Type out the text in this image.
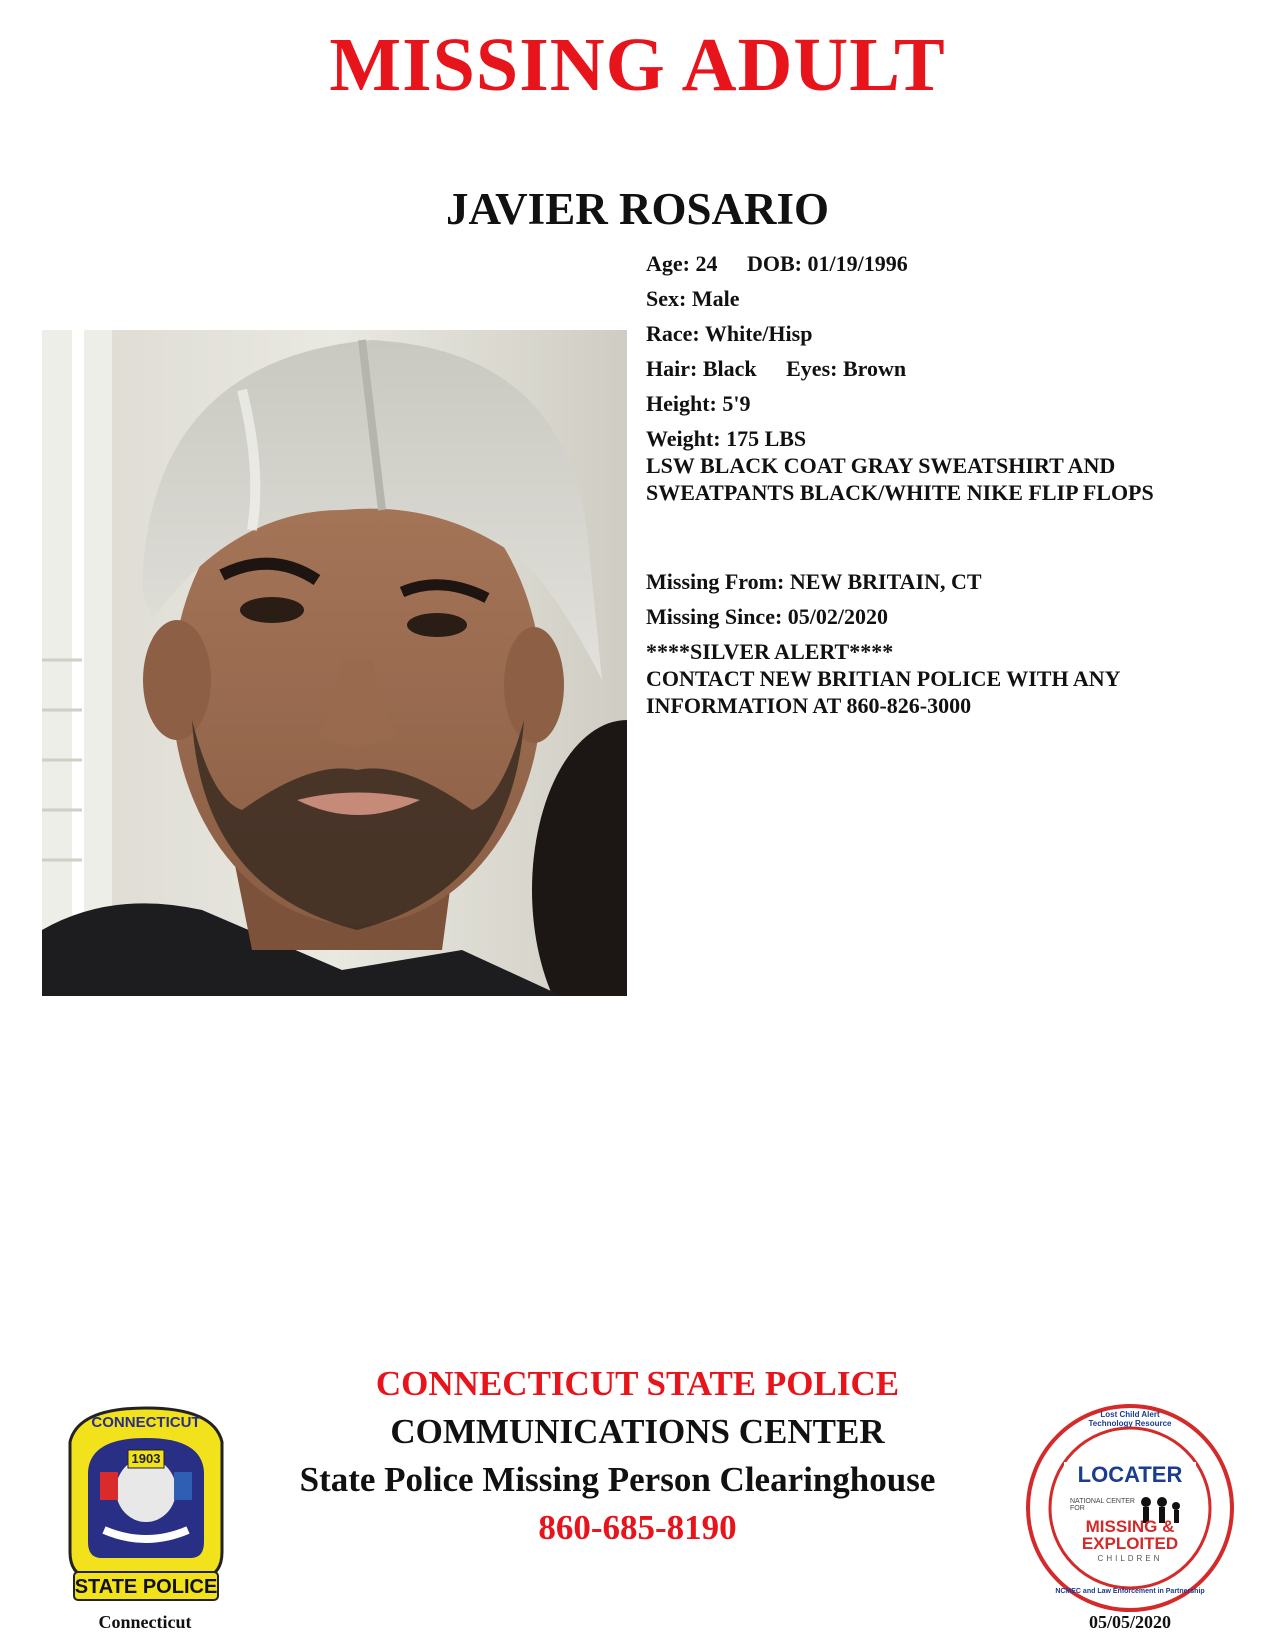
MISSING ADULT
JAVIER ROSARIO
Age: 24 DOB: 01/19/1996
Sex: Male
Race: White/Hisp
Hair: Black Eyes: Brown
Height: 5'9
Weight: 175 LBS
LSW BLACK COAT GRAY SWEATSHIRT AND
SWEATPANTS BLACK/WHITE NIKE FLIP FLOPS
Missing From: NEW BRITAIN, CT
Missing Since: 05/02/2020
****SILVER ALERT****
CONTACT NEW BRITIAN POLICE WITH ANY
INFORMATION AT 860-826-3000
CONNECTICUT STATE POLICE
COMMUNICATIONS CENTER
State Police Missing Person Clearinghouse
860-685-8190
CONNECTICUT
1903
STATE POLICE
Connecticut
Lost Child Alert Technology Resource
LOCATER
NATIONAL CENTER FOR
MISSING &
EXPLOITED
CHILDREN
NCMEC and Law Enforcement in Partnership
05/05/2020
